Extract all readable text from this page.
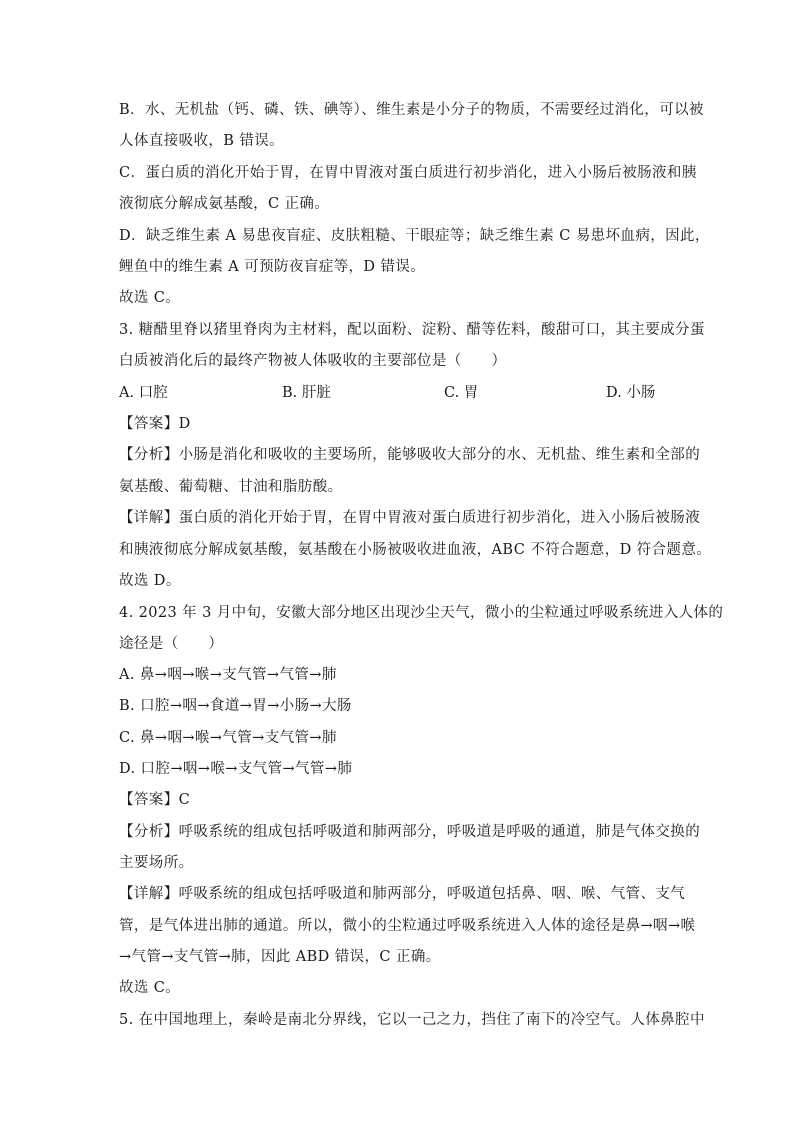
B．水、无机盐（钙、磷、铁、碘等）、维生素是小分子的物质，不需要经过消化，可以被
人体直接吸收，B 错误。
C．蛋白质的消化开始于胃，在胃中胃液对蛋白质进行初步消化，进入小肠后被肠液和胰
液彻底分解成氨基酸，C 正确。
D．缺乏维生素 A 易患夜盲症、皮肤粗糙、干眼症等；缺乏维生素 C 易患坏血病，因此，
鲤鱼中的维生素 A 可预防夜盲症等，D 错误。
故选 C。
3. 糖醋里脊以猪里脊肉为主材料，配以面粉、淀粉、醋等佐料，酸甜可口，其主要成分蛋
白质被消化后的最终产物被人体吸收的主要部位是（　　）
A. 口腔	B. 肝脏	C. 胃	D. 小肠
【答案】D
【分析】小肠是消化和吸收的主要场所，能够吸收大部分的水、无机盐、维生素和全部的
氨基酸、葡萄糖、甘油和脂肪酸。
【详解】蛋白质的消化开始于胃，在胃中胃液对蛋白质进行初步消化，进入小肠后被肠液
和胰液彻底分解成氨基酸，氨基酸在小肠被吸收进血液，ABC 不符合题意，D 符合题意。
故选 D。
4. 2023 年 3 月中旬，安徽大部分地区出现沙尘天气，微小的尘粒通过呼吸系统进入人体的
途径是（　　）
A. 鼻→咽→喉→支气管→气管→肺
B. 口腔→咽→食道→胃→小肠→大肠
C. 鼻→咽→喉→气管→支气管→肺
D. 口腔→咽→喉→支气管→气管→肺
【答案】C
【分析】呼吸系统的组成包括呼吸道和肺两部分，呼吸道是呼吸的通道，肺是气体交换的
主要场所。
【详解】呼吸系统的组成包括呼吸道和肺两部分，呼吸道包括鼻、咽、喉、气管、支气
管，是气体进出肺的通道。所以，微小的尘粒通过呼吸系统进入人体的途径是鼻→咽→喉
→气管→支气管→肺，因此 ABD 错误，C 正确。
故选 C。
5. 在中国地理上，秦岭是南北分界线，它以一己之力，挡住了南下的冷空气。人体鼻腔中
